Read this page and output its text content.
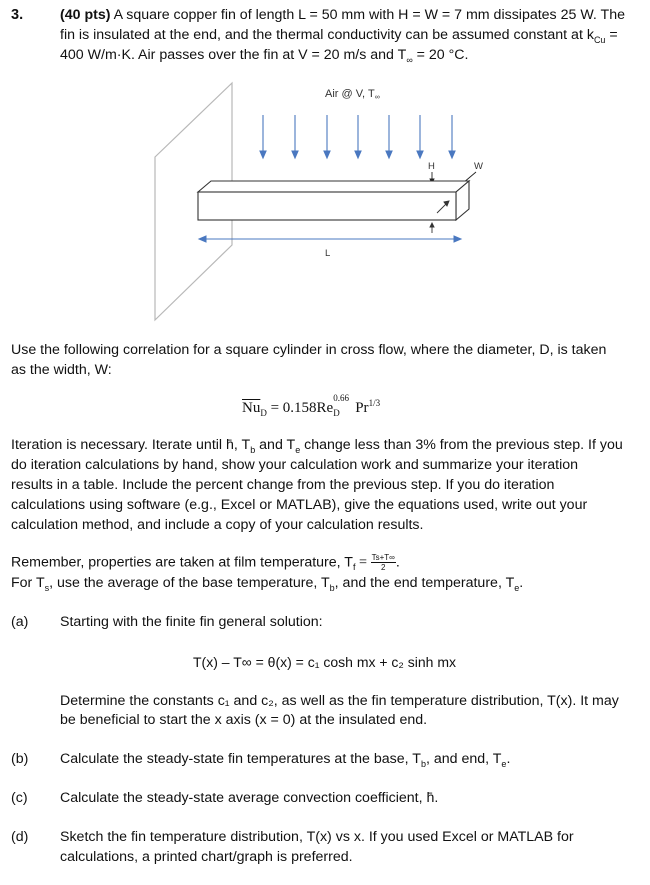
3.	(40 pts) A square copper fin of length L = 50 mm with H = W = 7 mm dissipates 25 W. The
fin is insulated at the end, and the thermal conductivity can be assumed constant at $k_{Cu}$ =
400 W/m·K. Air passes over the fin at V = 20 m/s and $T_\infty = 20$ °C.
Air @ V, T∞
H	W
L
Use the following correlation for a square cylinder in cross flow, where the diameter, D, is taken
as the width, W:
$\overline{Nu}_D = 0.158Re$
0.66
D $Pr^{1/3}$
Iteration is necessary. Iterate until h̄, $T_b$ and $T_e$ change less than 3% from the previous step. If you
do iteration calculations by hand, show your calculation work and summarize your iteration
results in a table. Include the percent change from the previous step. If you do iteration
calculations using software (e.g., Excel or MATLAB), give the equations used, write out your
calculation method, and include a copy of your calculation results.
Remember, properties are taken at film temperature, $T_f = \frac{Ts+T\infty}{2}$ .
For $T_s$, use the average of the base temperature, $T_b$, and the end temperature, $T_e$.
(a) Starting with the finite fin general solution:
T(x) – T∞ = θ(x) = c₁ cosh mx + c₂ sinh mx
Determine the constants c₁ and c₂, as well as the fin temperature distribution, T(x). It may
be beneficial to start the x axis (x = 0) at the insulated end.
(b) Calculate the steady-state fin temperatures at the base, $T_b$, and end, $T_e$.
(c) Calculate the steady-state average convection coefficient, h̄.
(d) Sketch the fin temperature distribution, T(x) vs x. If you used Excel or MATLAB for
calculations, a printed chart/graph is preferred.
